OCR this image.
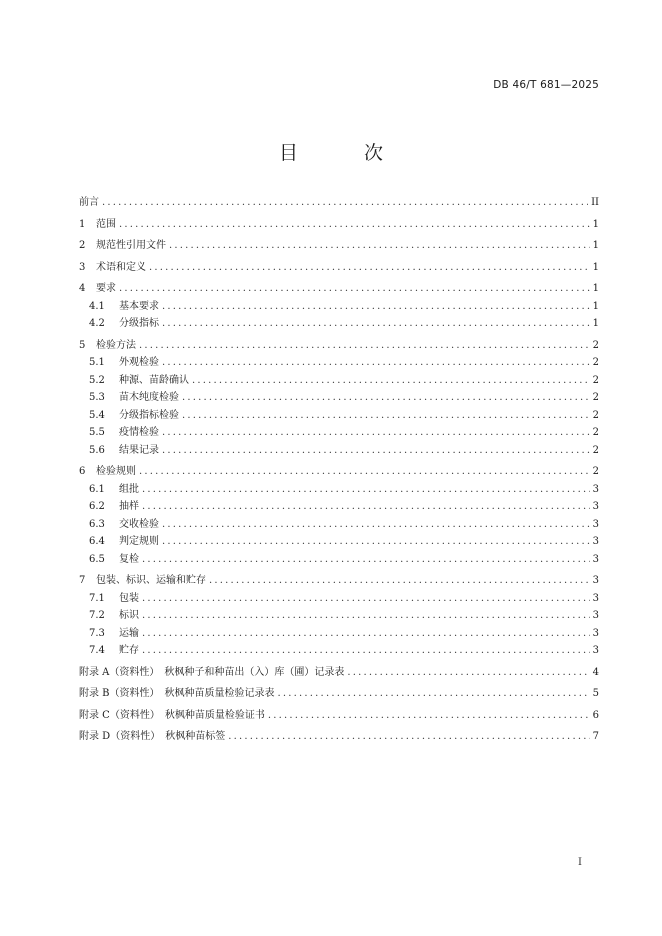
DB 46/T 681—2025
目 次
前言 .....	II
1	范围 .....	1
2	规范性引用文件 .....	1
3	术语和定义 .....	1
4	要求 .....	1
4.1	基本要求 .....	1
4.2	分级指标 .....	1
5	检验方法 .....	2
5.1	外观检验 .....	2
5.2	种源、苗龄确认 .....	2
5.3	苗木纯度检验 .....	2
5.4	分级指标检验 .....	2
5.5	疫情检验 .....	2
5.6	结果记录 .....	2
6	检验规则 .....	2
6.1	组批 .....	3
6.2	抽样 .....	3
6.3	交收检验 .....	3
6.4	判定规则 .....	3
6.5	复检 .....	3
7	包装、标识、运输和贮存 .....	3
7.1	包装 .....	3
7.2	标识 .....	3
7.3	运输 .....	3
7.4	贮存 .....	3
附录 A（资料性）　秋枫种子和种苗出（入）库（圃）记录表 .....	4
附录 B（资料性）　秋枫种苗质量检验记录表 .....	5
附录 C（资料性）　秋枫种苗质量检验证书 .....	6
附录 D（资料性）　秋枫种苗标签 .....	7
I
